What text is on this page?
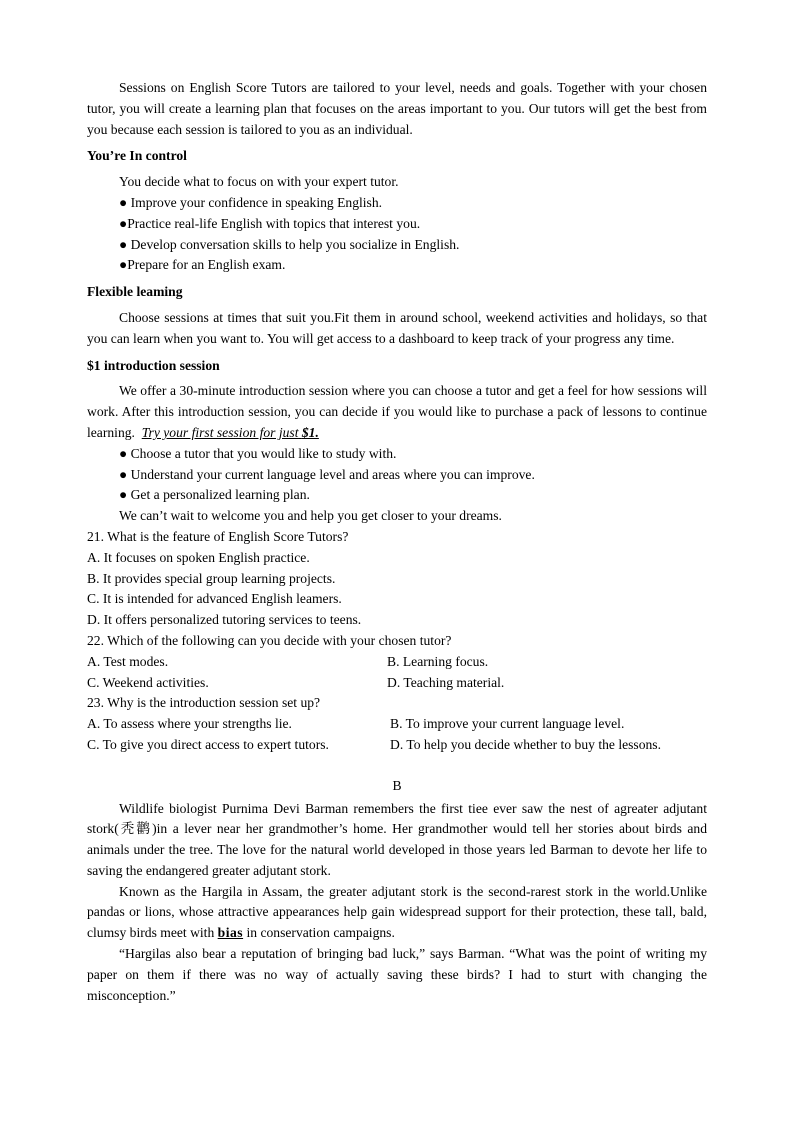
Sessions on English Score Tutors are tailored to your level, needs and goals. Together with your chosen tutor, you will create a learning plan that focuses on the areas important to you. Our tutors will get the best from you because each session is tailored to you as an individual.

You’re In control

You decide what to focus on with your expert tutor.

● Improve your confidence in speaking English.

●Practice real-life English with topics that interest you.

● Develop conversation skills to help you socialize in English.

●Prepare for an English exam.

Flexible leaming

Choose sessions at times that suit you.Fit them in around school, weekend activities and holidays, so that you can learn when you want to. You will get access to a dashboard to keep track of your progress any time.

$1 introduction session

We offer a 30-minute introduction session where you can choose a tutor and get a feel for how sessions will work. After this introduction session, you can decide if you would like to purchase a pack of lessons to continue learning. Try your first session for just $1.

● Choose a tutor that you would like to study with.

● Understand your current language level and areas where you can improve.

● Get a personalized learning plan.

We can’t wait to welcome you and help you get closer to your dreams.

21. What is the feature of English Score Tutors?

A. It focuses on spoken English practice.

B. It provides special group learning projects.

C. It is intended for advanced English leamers.

D. It offers personalized tutoring services to teens.

22. Which of the following can you decide with your chosen tutor?

A. Test modes.	B. Learning focus.
C. Weekend activities.	D. Teaching material.

23. Why is the introduction session set up?

A. To assess where your strengths lie.	B. To improve your current language level.
C. To give you direct access to expert tutors.	D. To help you decide whether to buy the lessons.

B

Wildlife biologist Purnima Devi Barman remembers the first tiee ever saw the nest of agreater adjutant stork(秃鹳)in a lever near her grandmother’s home. Her grandmother would tell her stories about birds and animals under the tree. The love for the natural world developed in those years led Barman to devote her life to saving the endangered greater adjutant stork.

Known as the Hargila in Assam, the greater adjutant stork is the second-rarest stork in the world.Unlike pandas or lions, whose attractive appearances help gain widespread support for their protection, these tall, bald, clumsy birds meet with bias in conservation campaigns.

“Hargilas also bear a reputation of bringing bad luck,” says Barman. “What was the point of writing my paper on them if there was no way of actually saving these birds? I had to sturt with changing the misconception.”
